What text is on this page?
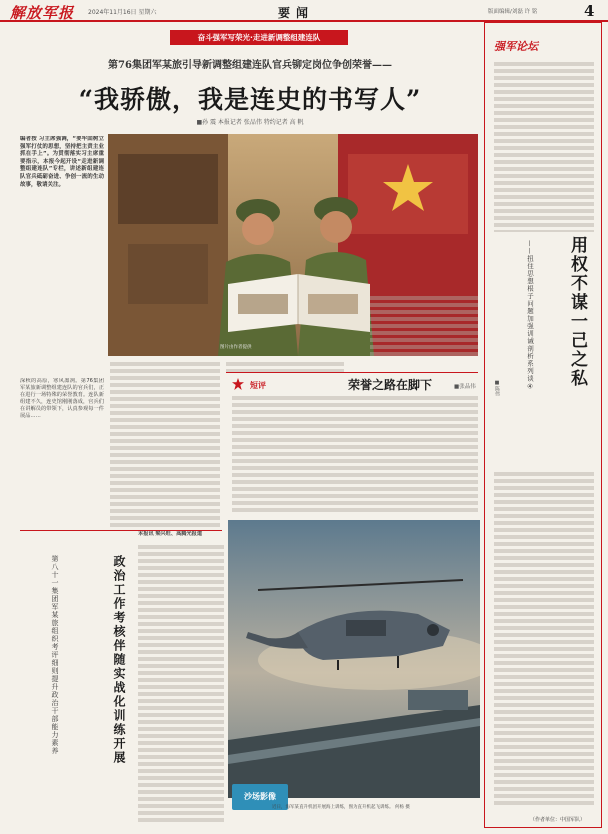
解放军报 2024年11月16日 星期六	要闻	版面编辑/刘磊 许 铭	4
奋斗强军写荣光·走进新调整组建连队
第76集团军某旅引导新调整组建连队官兵铆定岗位争创荣誉——
“我骄傲，我是连史的书写人”
■孙 震 本报记者 张品伟 特约记者 高 帆
编者按 习主席强调，“要牢固树立强军打仗的思想，坚持把主责主业抓在手上”。为贯彻落实习主席重要指示，本报今起开设“走进新调整组建连队”专栏，讲述新组建连队官兵砥砺奋进、争创一流的生动故事，敬请关注。
图片由作者提供
深秋的高原，寒风凛冽。第76集团军某旅新调整组建连队的官兵们，正在进行一场特殊的荣誉教育。连队新组建不久，连史馆刚刚落成，官兵们在讲解员的带领下，认真参观每一件展品……
短评	荣誉之路在脚下	■张品伟
第八十一集团军某旅组织考评细则提升政治干部能力素养	政治工作考核伴随实战化训练开展
本报讯 梁兴旺、高腾光报道
沙场影像
近日，海军某直升机团开展海上训练，图为直升机起飞训练。 何杨 摄
强军论坛
——扭住思想根子问题加强训诫剖析系列谈④	用权不谋一己之私
■陈伟
（作者单位：中国军队）
